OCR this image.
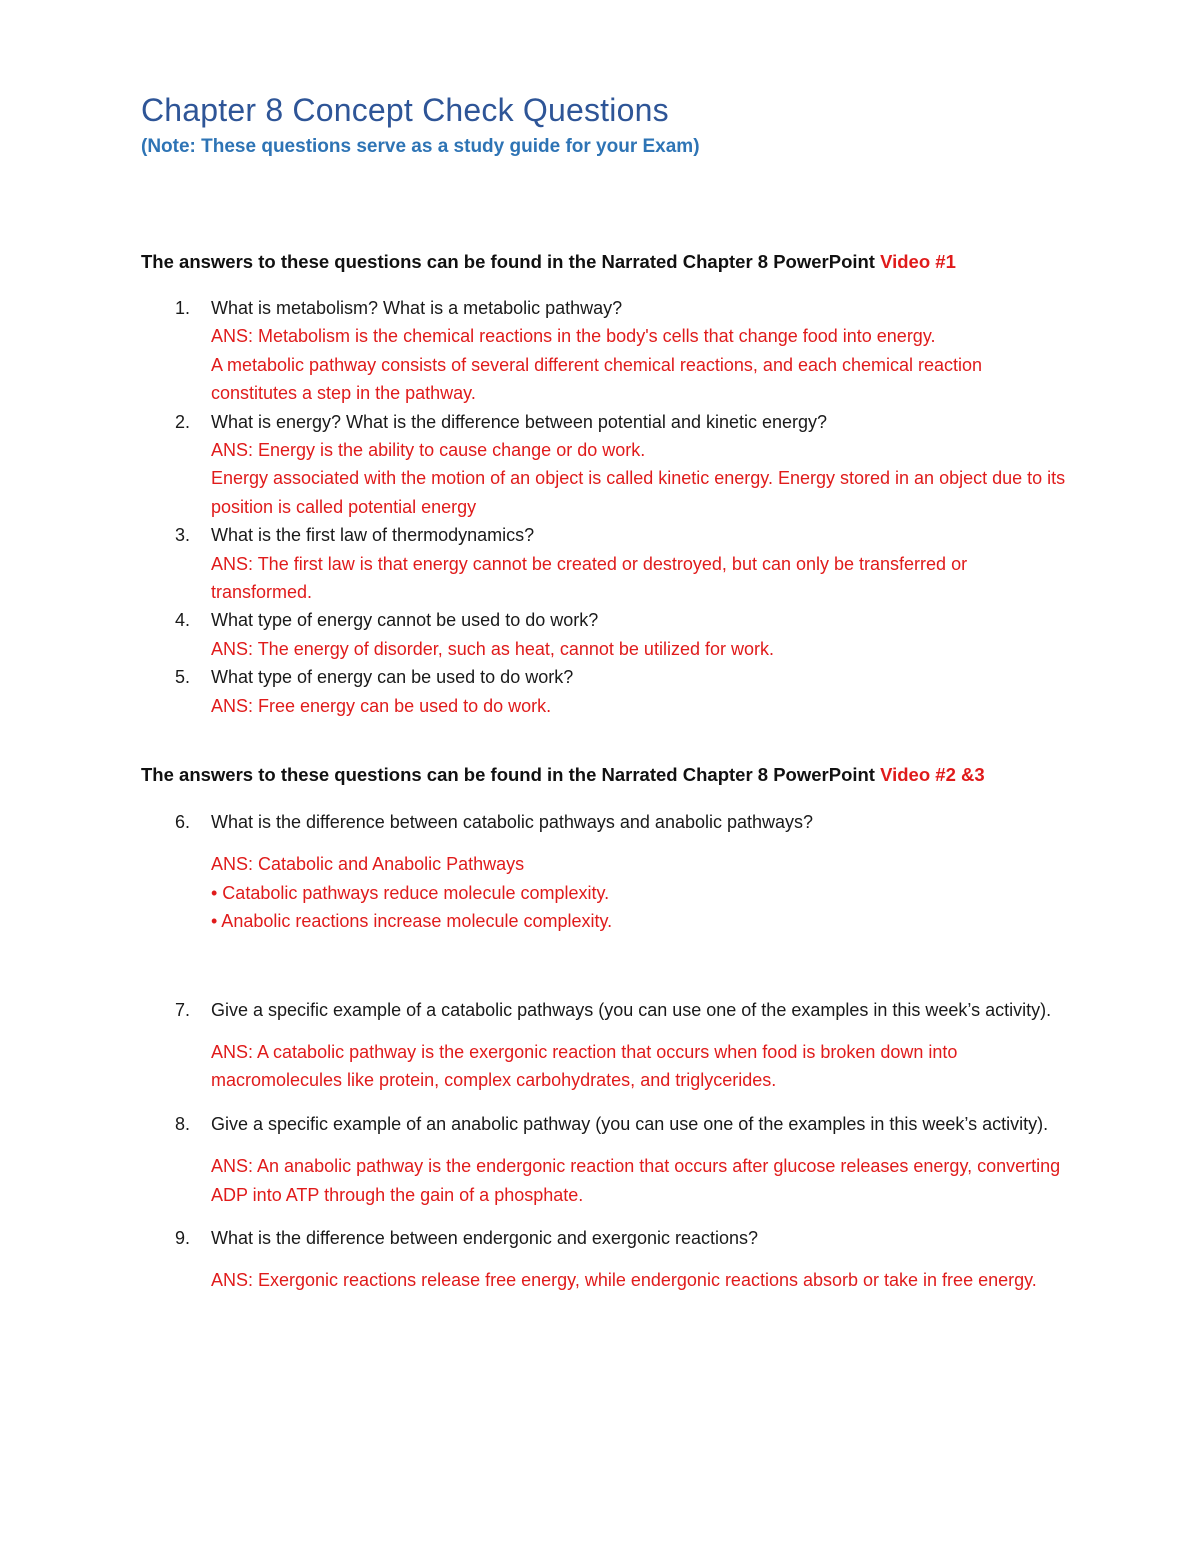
Chapter 8 Concept Check Questions
(Note: These questions serve as a study guide for your Exam)
The answers to these questions can be found in the Narrated Chapter 8 PowerPoint Video #1
1. What is metabolism? What is a metabolic pathway?
ANS: Metabolism is the chemical reactions in the body's cells that change food into energy.
A metabolic pathway consists of several different chemical reactions, and each chemical reaction constitutes a step in the pathway.
2. What is energy? What is the difference between potential and kinetic energy?
ANS: Energy is the ability to cause change or do work.
Energy associated with the motion of an object is called kinetic energy. Energy stored in an object due to its position is called potential energy
3. What is the first law of thermodynamics?
ANS: The first law is that energy cannot be created or destroyed, but can only be transferred or transformed.
4. What type of energy cannot be used to do work?
ANS: The energy of disorder, such as heat, cannot be utilized for work.
5. What type of energy can be used to do work?
ANS: Free energy can be used to do work.
The answers to these questions can be found in the Narrated Chapter 8 PowerPoint Video #2 &3
6. What is the difference between catabolic pathways and anabolic pathways?
ANS: Catabolic and Anabolic Pathways
• Catabolic pathways reduce molecule complexity.
• Anabolic reactions increase molecule complexity.
7. Give a specific example of a catabolic pathways (you can use one of the examples in this week’s activity).
ANS: A catabolic pathway is the exergonic reaction that occurs when food is broken down into macromolecules like protein, complex carbohydrates, and triglycerides.
8. Give a specific example of an anabolic pathway (you can use one of the examples in this week’s activity).
ANS: An anabolic pathway is the endergonic reaction that occurs after glucose releases energy, converting ADP into ATP through the gain of a phosphate.
9. What is the difference between endergonic and exergonic reactions?
ANS: Exergonic reactions release free energy, while endergonic reactions absorb or take in free energy.
